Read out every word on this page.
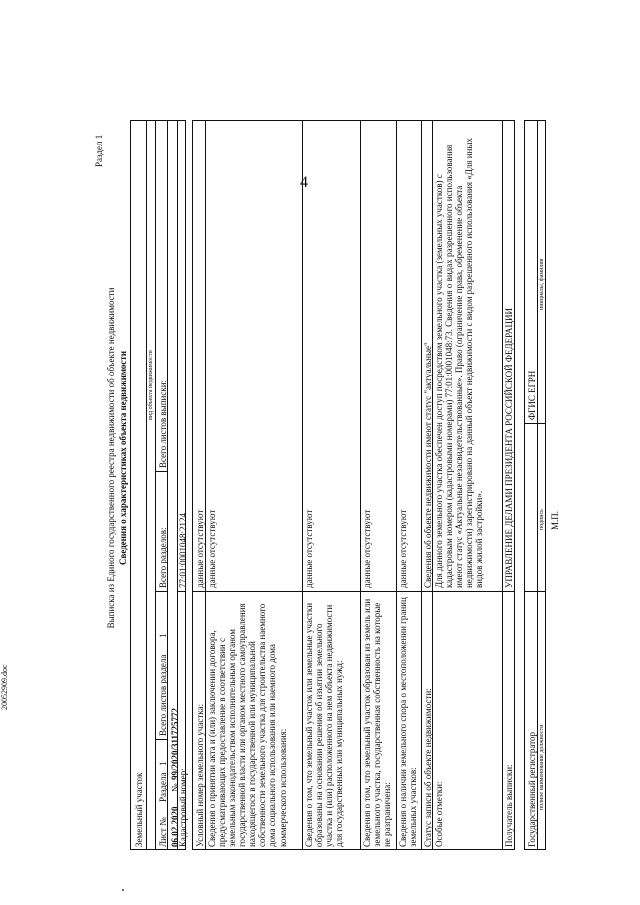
4
20052909.doc
Раздел 1
Выписка из Единого государственного реестра недвижимости об объекте недвижимости Сведения о характеристиках объекта недвижимости
Земельный участок
вид объекта недвижимости
Лист №
Раздела
1
Всего листов раздела
1
Всего разделов:
Всего листов выписки:
06.02.2020
№
99/2020/311725772
Кадастровый номер:
77:01:0001048:2124
Условный номер земельного участка:
данные отсутствуют
Сведения о принятии акта и (или) заключении договора, предусматривающих предоставление в соответствии с земельным законодательством исполнительным органом государственной власти или органом местного самоуправления находящегося в государственной или муниципальной собственности земельного участка для строительства наемного дома социального использования или наемного дома коммерческого использования:
данные отсутствуют
Сведения о том, что земельный участок или земельные участки образованы на основании решения об изъятии земельного участка и (или) расположенного на нем объекта недвижимости для государственных или муниципальных нужд:
данные отсутствуют
Сведения о том, что земельный участок образован из земель или земельного участка, государственная собственность на которые не разграничена:
данные отсутствуют
Сведения о наличии земельного спора о местоположении границ земельных участков:
данные отсутствуют
Статус записи об объекте недвижимости:
Сведения об объекте недвижимости имеют статус "актуальные"
Особые отметки:
Для данного земельного участка обеспечен доступ посредством земельного участка (земельных участков) с кадастровым номером (кадастровыми номерами) 77:01:0001048:73. Сведения о видах разрешенного использования имеют статус «Актуальные незасвидетельствованные». Право (ограничение права, обременение объекта недвижимости) зарегистрировано на данный объект недвижимости с видом разрешенного использования «Для иных видов жилой застройки».
Получатель выписки:
УПРАВЛЕНИЕ ДЕЛАМИ ПРЕЗИДЕНТА РОССИЙСКОЙ ФЕДЕРАЦИИ
Государственный регистратор
ФГИС ЕГРН
полное наименование должности
подпись
инициалы, фамилия
М.П.
